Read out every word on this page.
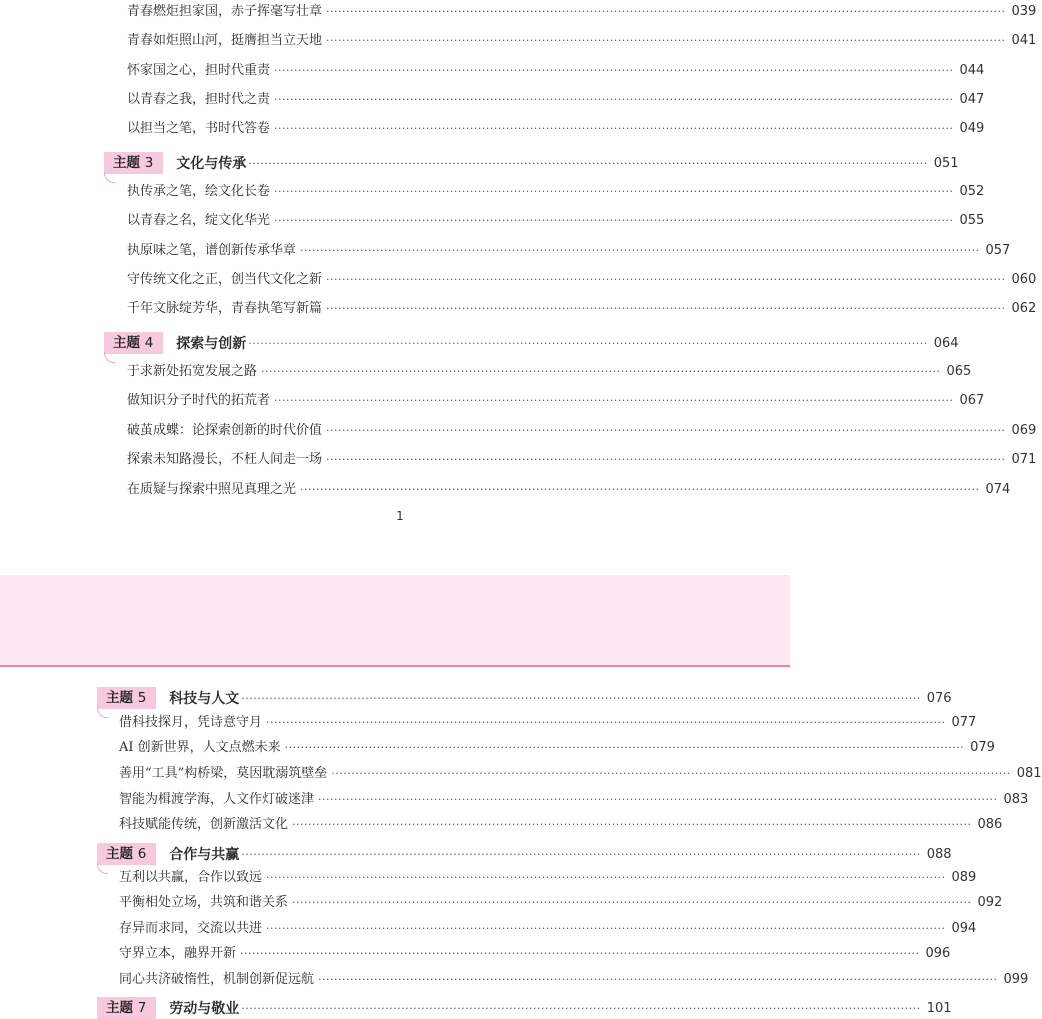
青春燃炬担家国，赤子挥毫写壮章 ·····	039
青春如炬照山河，挺膺担当立天地 ·····	041
怀家国之心，担时代重责 ·····	044
以青春之我，担时代之责 ·····	047
以担当之笔，书时代答卷 ·····	049
主题 3	文化与传承 ·····	051
执传承之笔，绘文化长卷 ·····	052
以青春之名，绽文化华光 ·····	055
执原味之笔，谱创新传承华章 ·····	057
守传统文化之正，创当代文化之新 ·····	060
千年文脉绽芳华，青春执笔写新篇 ·····	062
主题 4	探索与创新 ·····	064
于求新处拓宽发展之路 ·····	065
做知识分子时代的拓荒者 ·····	067
破茧成蝶：论探索创新的时代价值 ·····	069
探索未知路漫长，不枉人间走一场 ·····	071
在质疑与探索中照见真理之光 ·····	074
1
主题 5	科技与人文 ·····	076
借科技探月，凭诗意守月 ·····	077
AI 创新世界，人文点燃未来 ·····	079
善用“工具”构桥梁，莫因耽溺筑壁垒 ·····	081
智能为楫渡学海，人文作灯破迷津 ·····	083
科技赋能传统，创新激活文化 ·····	086
主题 6	合作与共赢 ·····	088
互利以共赢，合作以致远 ·····	089
平衡相处立场，共筑和谐关系 ·····	092
存异而求同，交流以共进 ·····	094
守界立本，融界开新 ·····	096
同心共济破惰性，机制创新促远航 ·····	099
主题 7	劳动与敬业 ·····	101
